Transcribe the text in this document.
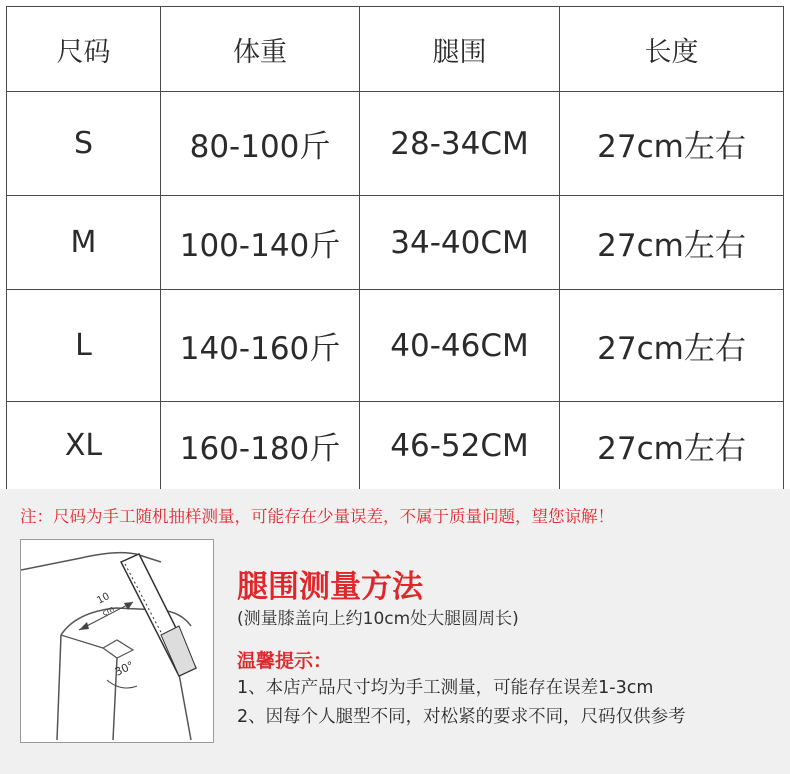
尺码	体重	腿围	长度
S	80-100斤	28-34CM	27cm左右
M	100-140斤	34-40CM	27cm左右
L	140-160斤	40-46CM	27cm左右
XL	160-180斤	46-52CM	27cm左右
注：尺码为手工随机抽样测量，可能存在少量误差，不属于质量问题，望您谅解！
10
cm
30°
腿围测量方法
(测量膝盖向上约10cm处大腿圆周长)
温馨提示：
1、本店产品尺寸均为手工测量，可能存在误差1-3cm
2、因每个人腿型不同，对松紧的要求不同，尺码仅供参考
